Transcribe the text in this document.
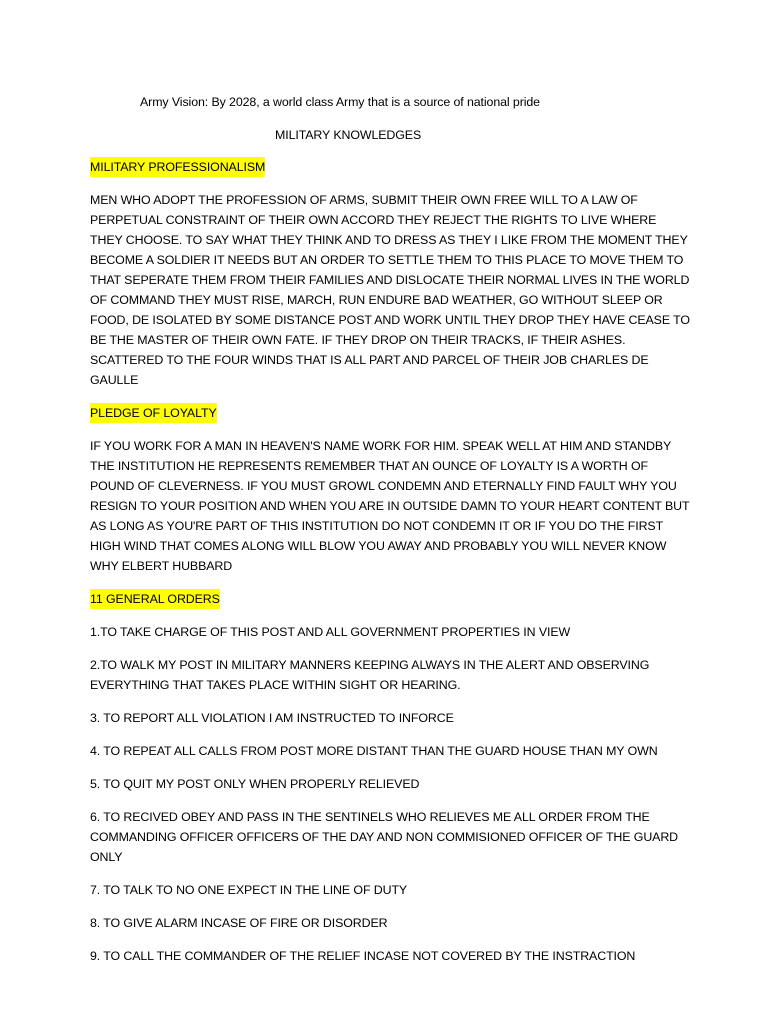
Army Vision: By 2028, a world class Army that is a source of national pride
MILITARY KNOWLEDGES
MILITARY PROFESSIONALISM

MEN WHO ADOPT THE PROFESSION OF ARMS, SUBMIT THEIR OWN FREE WILL TO A LAW OF PERPETUAL CONSTRAINT OF THEIR OWN ACCORD THEY REJECT THE RIGHTS TO LIVE WHERE THEY CHOOSE. TO SAY WHAT THEY THINK AND TO DRESS AS THEY I LIKE FROM THE MOMENT THEY BECOME A SOLDIER IT NEEDS BUT AN ORDER TO SETTLE THEM TO THIS PLACE TO MOVE THEM TO THAT SEPERATE THEM FROM THEIR FAMILIES AND DISLOCATE THEIR NORMAL LIVES IN THE WORLD OF COMMAND THEY MUST RISE, MARCH, RUN ENDURE BAD WEATHER, GO WITHOUT SLEEP OR FOOD, DE ISOLATED BY SOME DISTANCE POST AND WORK UNTIL THEY DROP THEY HAVE CEASE TO BE THE MASTER OF THEIR OWN FATE. IF THEY DROP ON THEIR TRACKS, IF THEIR ASHES. SCATTERED TO THE FOUR WINDS THAT IS ALL PART AND PARCEL OF THEIR JOB CHARLES DE GAULLE

PLEDGE OF LOYALTY

IF YOU WORK FOR A MAN IN HEAVEN'S NAME WORK FOR HIM. SPEAK WELL AT HIM AND STANDBY THE INSTITUTION HE REPRESENTS REMEMBER THAT AN OUNCE OF LOYALTY IS A WORTH OF POUND OF CLEVERNESS. IF YOU MUST GROWL CONDEMN AND ETERNALLY FIND FAULT WHY YOU RESIGN TO YOUR POSITION AND WHEN YOU ARE IN OUTSIDE DAMN TO YOUR HEART CONTENT BUT AS LONG AS YOU'RE PART OF THIS INSTITUTION DO NOT CONDEMN IT OR IF YOU DO THE FIRST HIGH WIND THAT COMES ALONG WILL BLOW YOU AWAY AND PROBABLY YOU WILL NEVER KNOW WHY ELBERT HUBBARD

11 GENERAL ORDERS
1.TO TAKE CHARGE OF THIS POST AND ALL GOVERNMENT PROPERTIES IN VIEW
2.TO WALK MY POST IN MILITARY MANNERS KEEPING ALWAYS IN THE ALERT AND OBSERVING EVERYTHING THAT TAKES PLACE WITHIN SIGHT OR HEARING.
3. TO REPORT ALL VIOLATION I AM INSTRUCTED TO INFORCE
4. TO REPEAT ALL CALLS FROM POST MORE DISTANT THAN THE GUARD HOUSE THAN MY OWN
5. TO QUIT MY POST ONLY WHEN PROPERLY RELIEVED
6. TO RECIVED OBEY AND PASS IN THE SENTINELS WHO RELIEVES ME ALL ORDER FROM THE COMMANDING OFFICER OFFICERS OF THE DAY AND NON COMMISIONED OFFICER OF THE GUARD ONLY
7. TO TALK TO NO ONE EXPECT IN THE LINE OF DUTY
8. TO GIVE ALARM INCASE OF FIRE OR DISORDER
9. TO CALL THE COMMANDER OF THE RELIEF INCASE NOT COVERED BY THE INSTRACTION
